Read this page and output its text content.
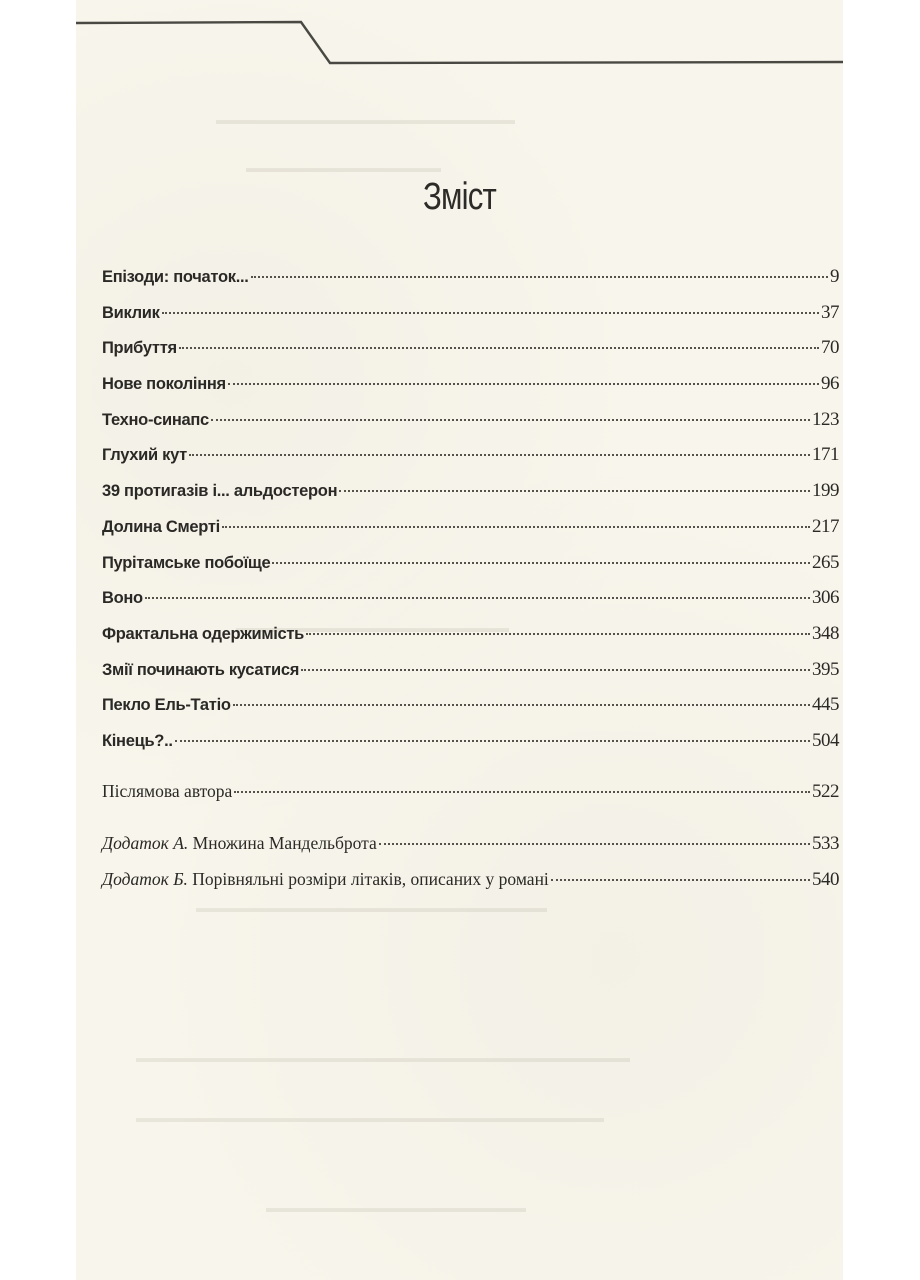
▬▬▬▬▬▬▬▬▬▬▬▬▬▬▬▬▬▬▬▬▬▬▬
▬▬▬▬▬▬▬▬▬▬▬▬▬▬▬
▬▬▬▬▬▬▬▬▬▬▬▬▬▬▬▬▬▬▬▬▬
▬▬▬▬▬▬▬▬▬▬▬▬▬▬▬▬▬▬▬▬▬▬▬▬▬▬▬
▬▬▬▬▬▬▬▬▬▬▬▬▬▬▬▬▬▬▬▬▬▬▬▬▬▬▬▬▬▬▬▬▬▬▬▬▬▬
▬▬▬▬▬▬▬▬▬▬▬▬▬▬▬▬▬▬▬▬▬▬▬▬▬▬▬▬▬▬▬▬▬▬▬▬
▬▬▬▬▬▬▬▬▬▬▬▬▬▬▬▬▬▬▬▬
Зміст
Епізоди: початок...	9
Виклик	37
Прибуття	70
Нове покоління	96
Техно-синапс	123
Глухий кут	171
39 протигазів і... альдостерон	199
Долина Смерті	217
Пурітамське побоїще	265
Воно	306
Фрактальна одержимість	348
Змії починають кусатися	395
Пекло Ель-Татіо	445
Кінець?..	504
Післямова автора	522
Додаток А. Множина Мандельброта	533
Додаток Б. Порівняльні розміри літаків, описаних у романі	540
